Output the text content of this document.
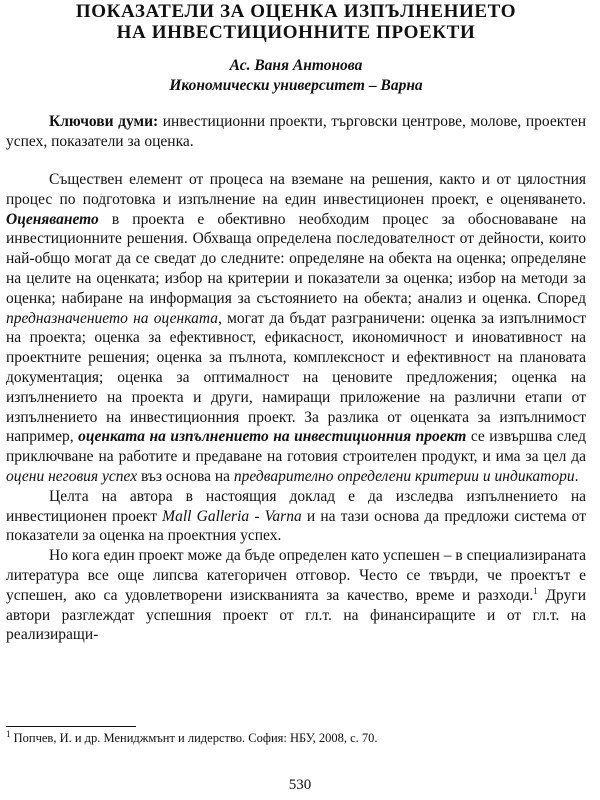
ПОКАЗАТЕЛИ ЗА ОЦЕНКА ИЗПЪЛНЕНИЕТО
НА ИНВЕСТИЦИОННИТЕ ПРОЕКТИ
Ас. Ваня Антонова
Икономически университет – Варна
Ключови думи: инвестиционни проекти, търговски центрове, молове, проектен успех, показатели за оценка.

Съществен елемент от процеса на вземане на решения, както и от цялостния процес по подготовка и изпълнение на един инвестиционен проект, е оценяването. Оценяването в проекта е обективно необходим процес за обосноваване на инвестиционните решения. Обхваща определена последователност от дейности, които най-общо могат да се сведат до следните: определяне на обекта на оценка; определяне на целите на оценката; избор на критерии и показатели за оценка; избор на методи за оценка; набиране на информация за състоянието на обекта; анализ и оценка. Според предназначението на оценката, могат да бъдат разграничени: оценка за изпълнимост на проекта; оценка за ефективност, ефикасност, икономичност и иновативност на проектните решения; оценка за пълнота, комплексност и ефективност на плановата документация; оценка за оптималност на ценовите предложения; оценка на изпълнението на проекта и други, намиращи приложение на различни етапи от изпълнението на инвестиционния проект. За разлика от оценката за изпълнимост например, оценката на изпълнението на инвестиционния проект се извършва след приключване на работите и предаване на готовия строителен продукт, и има за цел да оцени неговия успех въз основа на предварително определени критерии и индикатори.

Целта на автора в настоящия доклад е да изследва изпълнението на инвестиционен проект Mall Galleria - Varna и на тази основа да предложи система от показатели за оценка на проектния успех.

Но кога един проект може да бъде определен като успешен – в специализираната литература все още липсва категоричен отговор. Често се твърди, че проектът е успешен, ако са удовлетворени изискванията за качество, време и разходи.$^1$ Други автори разглеждат успешния проект от гл.т. на финансиращите и от гл.т. на реализиращи-

$^1$ Попчев, И. и др. Мениджмънт и лидерство. София: НБУ, 2008, с. 70.
530
